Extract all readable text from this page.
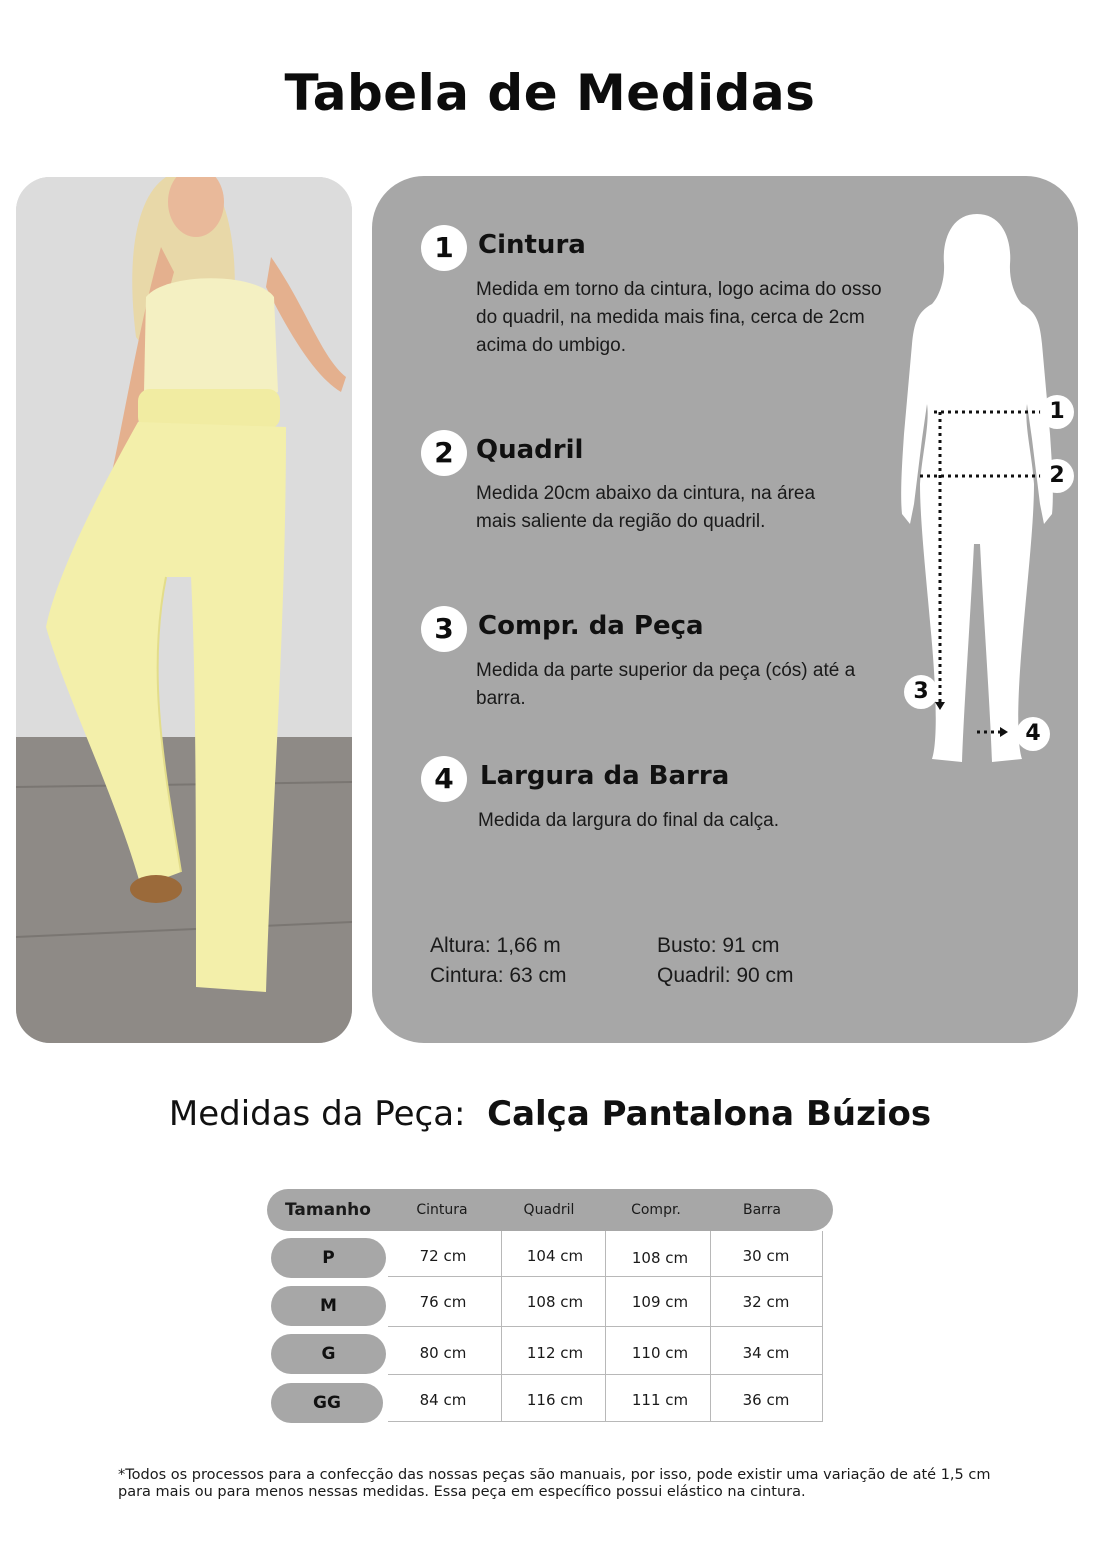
Tabela de Medidas
1 Cintura
Medida em torno da cintura, logo acima do osso do quadril, na medida mais fina, cerca de 2cm acima do umbigo.
2 Quadril
Medida 20cm abaixo da cintura, na área mais saliente da região do quadril.
3 Compr. da Peça
Medida da parte superior da peça (cós) até a barra.
4	Largura da Barra
Medida da largura do final da calça.
Altura: 1,66 m	Busto: 91 cm
Cintura: 63 cm	Quadril: 90 cm
1
2
3
4
Medidas da Peça: Calça Pantalona Búzios
Tamanho	Cintura	Quadril	Compr.	Barra
P	72 cm	104 cm	108 cm	30 cm
M	76 cm	108 cm	109 cm	32 cm
G	80 cm	112 cm	110 cm	34 cm
GG	84 cm	116 cm	111 cm	36 cm
*Todos os processos para a confecção das nossas peças são manuais, por isso, pode existir uma variação de até 1,5 cm para mais ou para menos nessas medidas. Essa peça em específico possui elástico na cintura.
